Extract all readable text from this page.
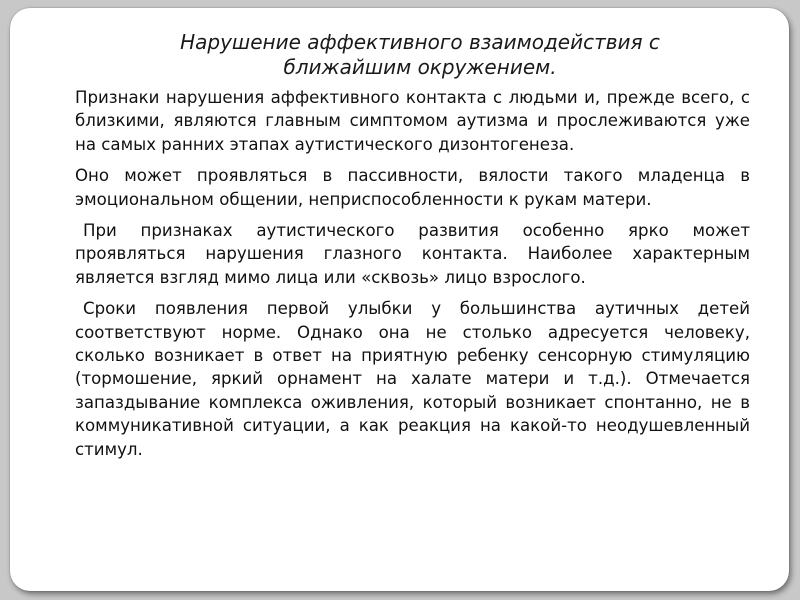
Нарушение аффективного взаимодействия с ближайшим окружением.

Признаки нарушения аффективного контакта с людьми и, прежде всего, с близкими, являются главным симптомом аутизма и прослеживаются уже на самых ранних этапах аутистического дизонтогенеза.

Оно может проявляться в пассивности, вялости такого младенца в эмоциональном общении, неприспособленности к рукам матери.

При признаках аутистического развития особенно ярко может проявляться нарушения глазного контакта. Наиболее характерным является взгляд мимо лица или «сквозь» лицо взрослого.

Сроки появления первой улыбки у большинства аутичных детей соответствуют норме. Однако она не столько адресуется человеку, сколько возникает в ответ на приятную ребенку сенсорную стимуляцию (тормошение, яркий орнамент на халате матери и т.д.). Отмечается запаздывание комплекса оживления, который возникает спонтанно, не в коммуникативной ситуации, а как реакция на какой-то неодушевленный стимул.
